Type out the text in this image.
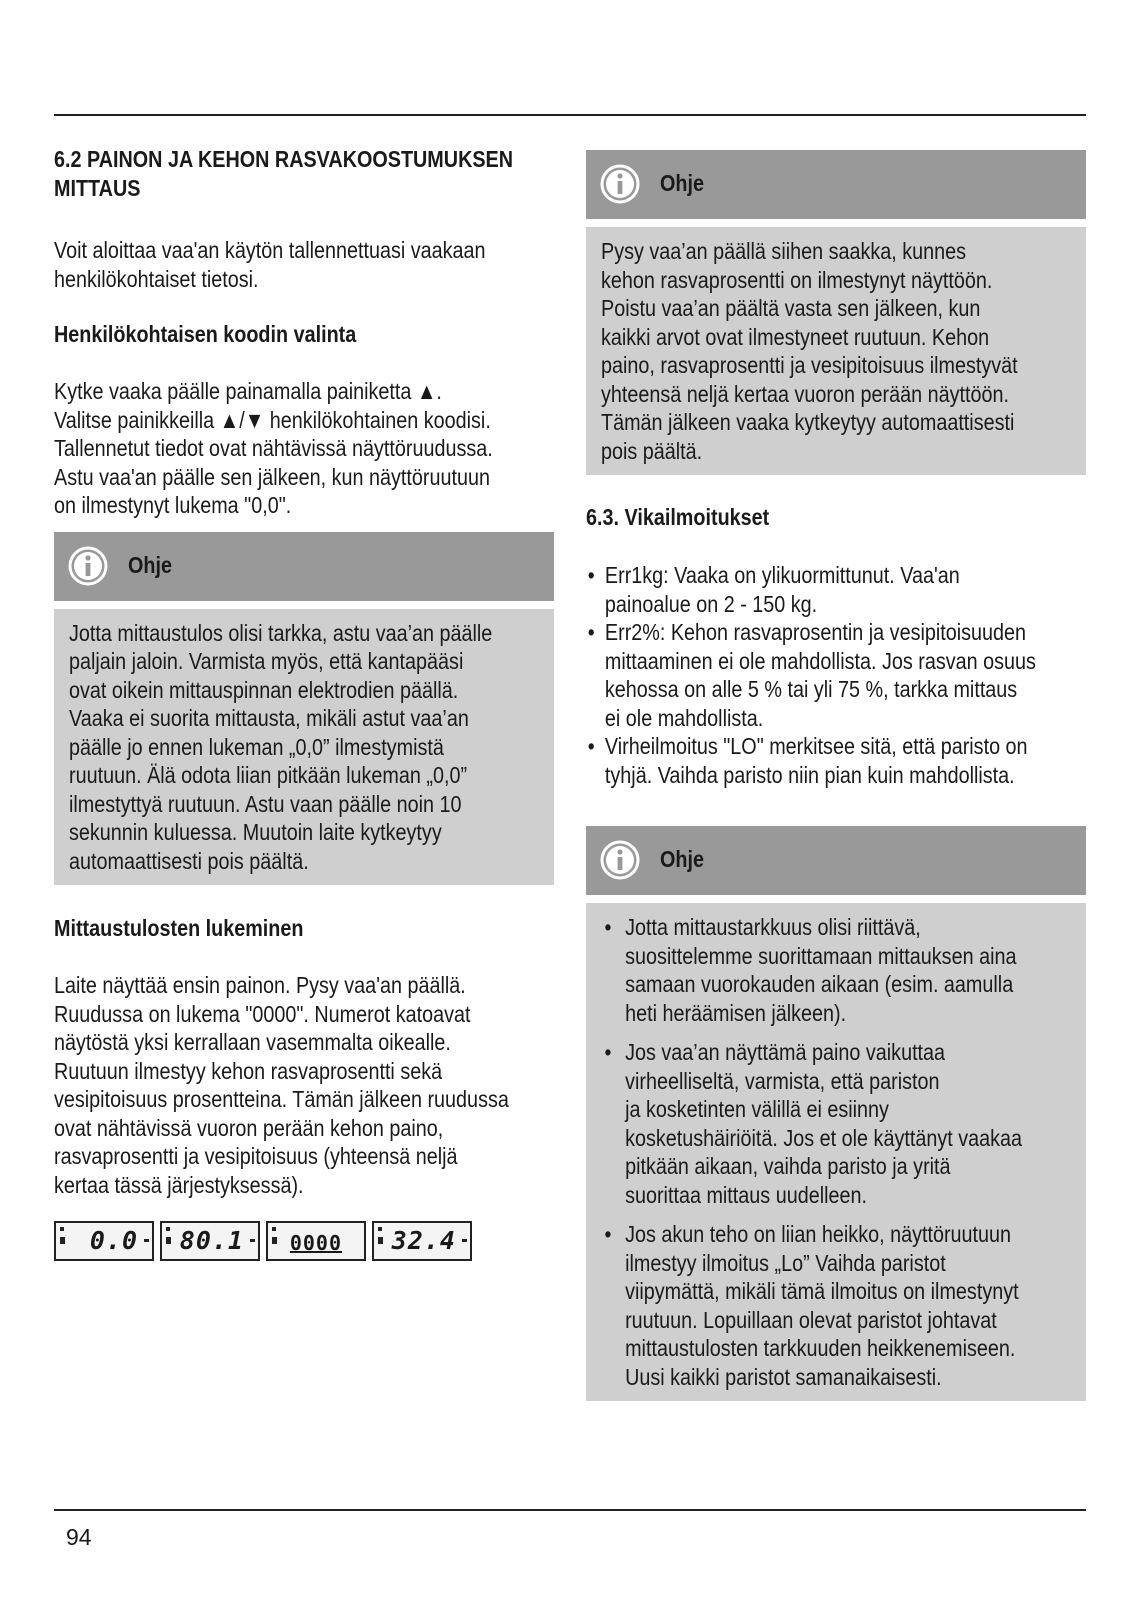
6.2 PAINON JA KEHON RASVAKOOSTUMUKSEN
MITTAUS

Voit aloittaa vaa'an käytön tallennettuasi vaakaan
henkilökohtaiset tietosi.

Henkilökohtaisen koodin valinta

Kytke vaaka päälle painamalla painiketta ▲.
Valitse painikkeilla ▲/▼ henkilökohtainen koodisi.
Tallennetut tiedot ovat nähtävissä näyttöruudussa.
Astu vaa'an päälle sen jälkeen, kun näyttöruutuun
on ilmestynyt lukema "0,0".

Ohje

Jotta mittaustulos olisi tarkka, astu vaa’an päälle
paljain jaloin. Varmista myös, että kantapääsi
ovat oikein mittauspinnan elektrodien päällä.
Vaaka ei suorita mittausta, mikäli astut vaa’an
päälle jo ennen lukeman „0,0” ilmestymistä
ruutuun. Älä odota liian pitkään lukeman „0,0”
ilmestyttyä ruutuun. Astu vaan päälle noin 10
sekunnin kuluessa. Muutoin laite kytkeytyy
automaattisesti pois päältä.

Mittaustulosten lukeminen

Laite näyttää ensin painon. Pysy vaa'an päällä.
Ruudussa on lukema "0000". Numerot katoavat
näytöstä yksi kerrallaan vasemmalta oikealle.
Ruutuun ilmestyy kehon rasvaprosentti sekä
vesipitoisuus prosentteina. Tämän jälkeen ruudussa
ovat nähtävissä vuoron perään kehon paino,
rasvaprosentti ja vesipitoisuus (yhteensä neljä
kertaa tässä järjestyksessä).

0.0 80.1 0000 32.4
Ohje

Pysy vaa’an päällä siihen saakka, kunnes
kehon rasvaprosentti on ilmestynyt näyttöön.
Poistu vaa’an päältä vasta sen jälkeen, kun
kaikki arvot ovat ilmestyneet ruutuun. Kehon
paino, rasvaprosentti ja vesipitoisuus ilmestyvät
yhteensä neljä kertaa vuoron perään näyttöön.
Tämän jälkeen vaaka kytkeytyy automaattisesti
pois päältä.

6.3. Vikailmoitukset
• Err1kg: Vaaka on ylikuormittunut. Vaa'an
painoalue on 2 - 150 kg.
• Err2%: Kehon rasvaprosentin ja vesipitoisuuden
mittaaminen ei ole mahdollista. Jos rasvan osuus
kehossa on alle 5 % tai yli 75 %, tarkka mittaus
ei ole mahdollista.
• Virheilmoitus "LO" merkitsee sitä, että paristo on
tyhjä. Vaihda paristo niin pian kuin mahdollista.
Ohje
• Jotta mittaustarkkuus olisi riittävä,
suosittelemme suorittamaan mittauksen aina
samaan vuorokauden aikaan (esim. aamulla
heti heräämisen jälkeen).
• Jos vaa’an näyttämä paino vaikuttaa
virheelliseltä, varmista, että pariston
ja kosketinten välillä ei esiinny
kosketushäiriöitä. Jos et ole käyttänyt vaakaa
pitkään aikaan, vaihda paristo ja yritä
suorittaa mittaus uudelleen.
• Jos akun teho on liian heikko, näyttöruutuun
ilmestyy ilmoitus „Lo” Vaihda paristot
viipymättä, mikäli tämä ilmoitus on ilmestynyt
ruutuun. Lopuillaan olevat paristot johtavat
mittaustulosten tarkkuuden heikkenemiseen.
Uusi kaikki paristot samanaikaisesti.
94
